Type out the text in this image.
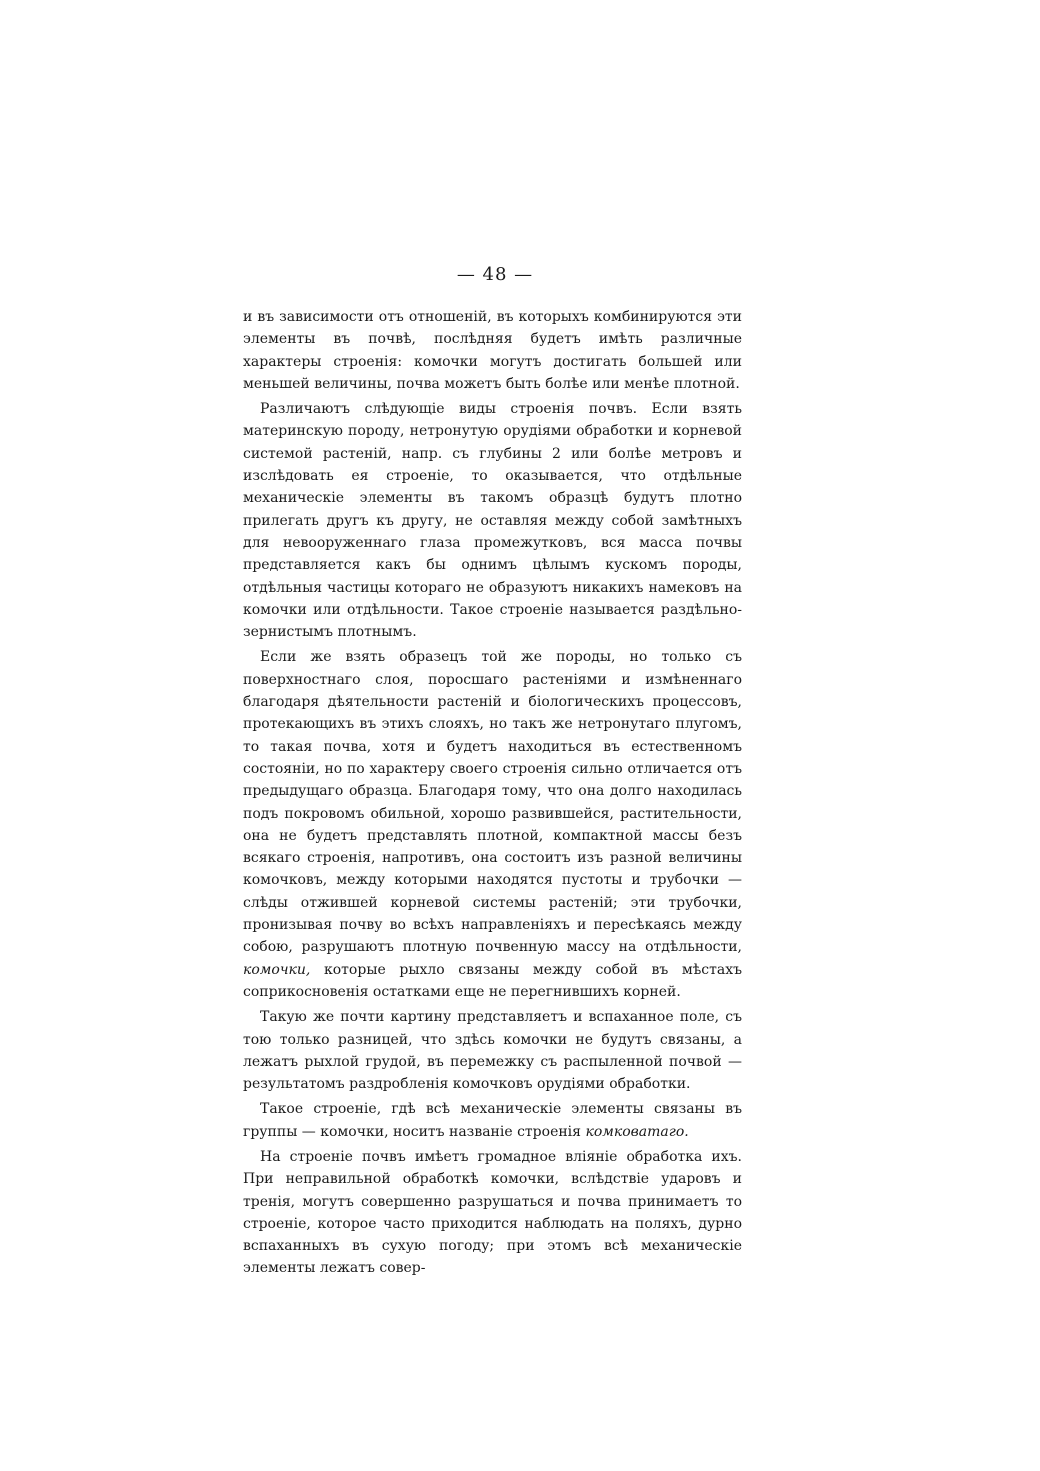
— 48 —

и въ зависимости отъ отношенiй, въ которыхъ комбинируются эти элементы въ почвѣ, послѣдняя будетъ имѣть различные характеры строенiя: комочки могутъ достигать большей или меньшей величины, почва можетъ быть болѣе или менѣе плотной.

Различаютъ слѣдующiе виды строенiя почвъ. Если взять материнскую породу, нетронутую орудiями обработки и корневой системой растенiй, напр. съ глубины 2 или болѣе метровъ и изслѣдовать ея строенiе, то оказывается, что отдѣльные механическiе элементы въ такомъ образцѣ будутъ плотно прилегать другъ къ другу, не оставляя между собой замѣтныхъ для невооруженнаго глаза промежутковъ, вся масса почвы представляется какъ бы однимъ цѣлымъ кускомъ породы, отдѣльныя частицы котораго не образуютъ никакихъ намековъ на комочки или отдѣльности. Такое строенiе называется раздѣльно-зернистымъ плотнымъ.

Если же взять образецъ той же породы, но только съ поверхностнаго слоя, поросшаго растенiями и измѣненнаго благодаря дѣятельности растенiй и бiологическихъ процессовъ, протекающихъ въ этихъ слояхъ, но такъ же нетронутаго плугомъ, то такая почва, хотя и будетъ находиться въ естественномъ состоянiи, но по характеру своего строенiя сильно отличается отъ предыдущаго образца. Благодаря тому, что она долго находилась подъ покровомъ обильной, хорошо развившейся, растительности, она не будетъ представлять плотной, компактной массы безъ всякаго строенiя, напротивъ, она состоитъ изъ разной величины комочковъ, между которыми находятся пустоты и трубочки — слѣды отжившей корневой системы растенiй; эти трубочки, пронизывая почву во всѣхъ направленiяхъ и пересѣкаясь между собою, разрушаютъ плотную почвенную массу на отдѣльности, комочки, которые рыхло связаны между собой въ мѣстахъ соприкосновенiя остатками еще не перегнившихъ корней.

Такую же почти картину представляетъ и вспаханное поле, съ тою только разницей, что здѣсь комочки не будутъ связаны, а лежатъ рыхлой грудой, въ перемежку съ распыленной почвой — результатомъ раздробленiя комочковъ орудiями обработки.

Такое строенiе, гдѣ всѣ механическiе элементы связаны въ группы — комочки, носитъ названiе строенiя комковатаго.

На строенiе почвъ имѣетъ громадное влiянiе обработка ихъ. При неправильной обработкѣ комочки, вслѣдствiе ударовъ и тренiя, могутъ совершенно разрушаться и почва принимаетъ то строенiе, которое часто приходится наблюдать на поляхъ, дурно вспаханныхъ въ сухую погоду; при этомъ всѣ механическiе элементы лежатъ совер-
